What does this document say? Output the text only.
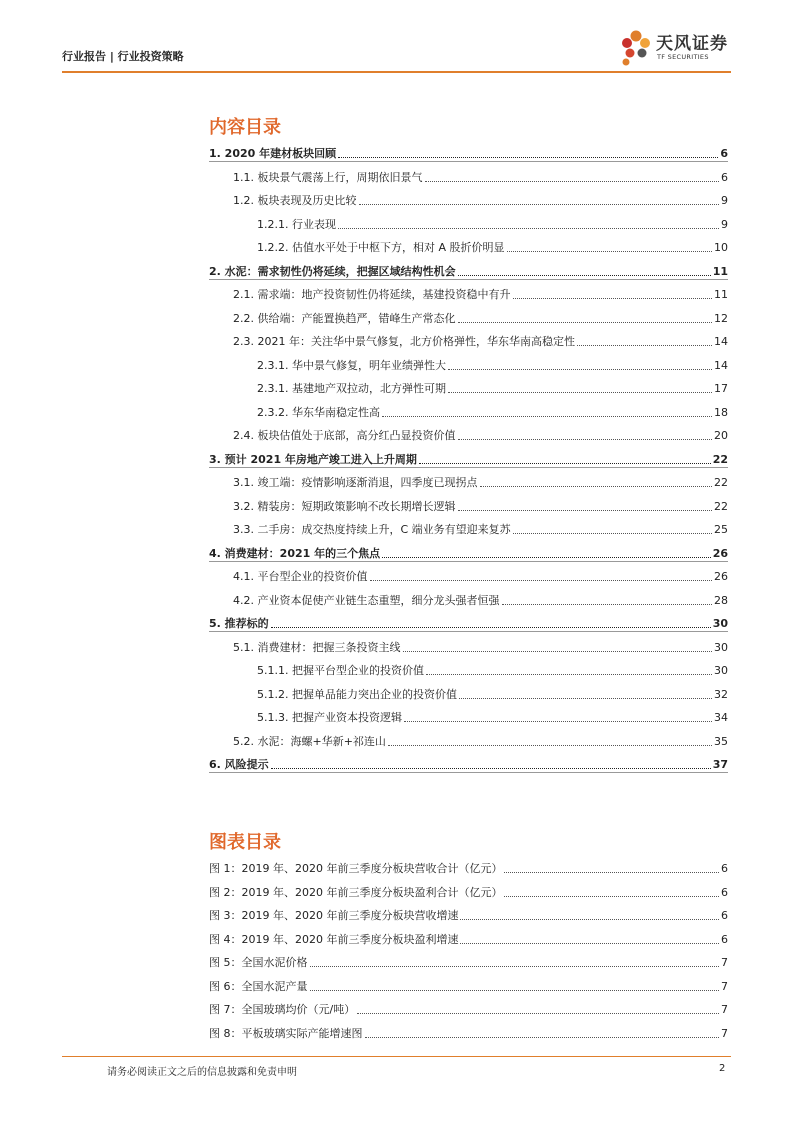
行业报告 | 行业投资策略
天风证券
TF SECURITIES
内容目录
1. 2020 年建材板块回顾	6
1.1. 板块景气震荡上行，周期依旧景气	6
1.2. 板块表现及历史比较	9
1.2.1. 行业表现	9
1.2.2. 估值水平处于中枢下方，相对 A 股折价明显	10
2. 水泥：需求韧性仍将延续，把握区域结构性机会	11
2.1. 需求端：地产投资韧性仍将延续，基建投资稳中有升	11
2.2. 供给端：产能置换趋严，错峰生产常态化	12
2.3. 2021 年：关注华中景气修复，北方价格弹性，华东华南高稳定性	14
2.3.1. 华中景气修复，明年业绩弹性大	14
2.3.1. 基建地产双拉动，北方弹性可期	17
2.3.2. 华东华南稳定性高	18
2.4. 板块估值处于底部，高分红凸显投资价值	20
3. 预计 2021 年房地产竣工进入上升周期	22
3.1. 竣工端：疫情影响逐渐消退，四季度已现拐点	22
3.2. 精装房：短期政策影响不改长期增长逻辑	22
3.3. 二手房：成交热度持续上升，C 端业务有望迎来复苏	25
4. 消费建材：2021 年的三个焦点	26
4.1. 平台型企业的投资价值	26
4.2. 产业资本促使产业链生态重塑，细分龙头强者恒强	28
5. 推荐标的	30
5.1. 消费建材：把握三条投资主线	30
5.1.1. 把握平台型企业的投资价值	30
5.1.2. 把握单品能力突出企业的投资价值	32
5.1.3. 把握产业资本投资逻辑	34
5.2. 水泥：海螺+华新+祁连山	35
6. 风险提示	37
图表目录
图 1：2019 年、2020 年前三季度分板块营收合计（亿元）	6
图 2：2019 年、2020 年前三季度分板块盈利合计（亿元）	6
图 3：2019 年、2020 年前三季度分板块营收增速	6
图 4：2019 年、2020 年前三季度分板块盈利增速	6
图 5：全国水泥价格	7
图 6：全国水泥产量	7
图 7：全国玻璃均价（元/吨）	7
图 8：平板玻璃实际产能增速图	7
请务必阅读正文之后的信息披露和免责申明	2
